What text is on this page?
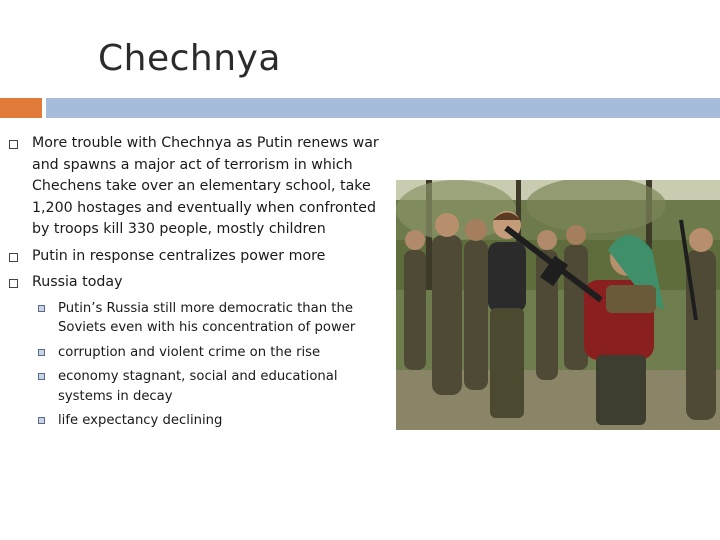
Chechnya
More trouble with Chechnya as Putin renews war and spawns a major act of terrorism in which Chechens take over an elementary school, take 1,200 hostages and eventually when confronted by troops kill 330 people, mostly children
Putin in response centralizes power more
Russia today
Putin’s Russia still more democratic than the Soviets even with his concentration of power
corruption and violent crime on the rise
economy stagnant, social and educational systems in decay
life expectancy declining
